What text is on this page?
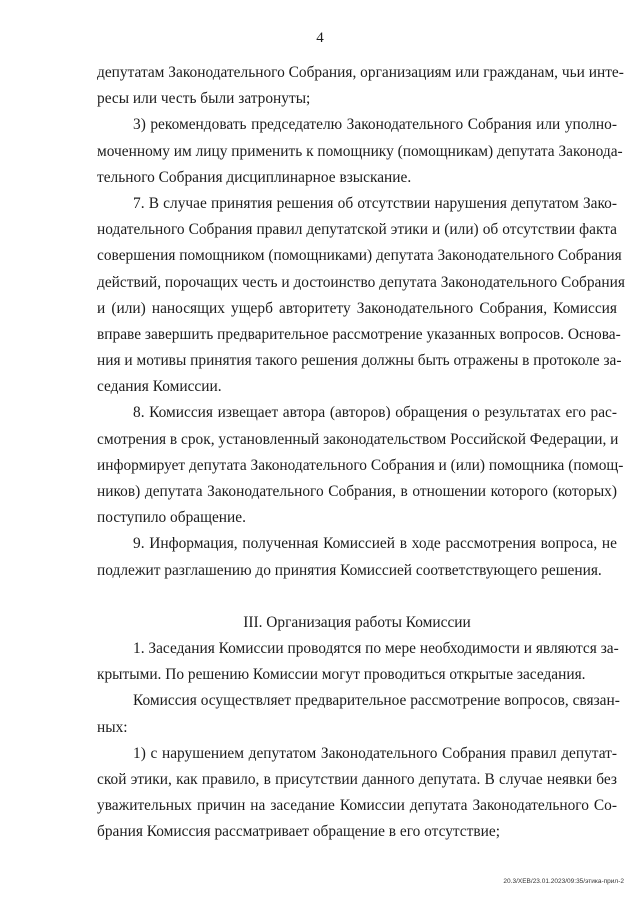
4
депутатам Законодательного Собрания, организациям или гражданам, чьи инте-
ресы или честь были затронуты;
3) рекомендовать председателю Законодательного Собрания или уполно-
моченному им лицу применить к помощнику (помощникам) депутата Законода-
тельного Собрания дисциплинарное взыскание.
7. В случае принятия решения об отсутствии нарушения депутатом Зако-
нодательного Собрания правил депутатской этики и (или) об отсутствии факта
совершения помощником (помощниками) депутата Законодательного Собрания
действий, порочащих честь и достоинство депутата Законодательного Собрания
и (или) наносящих ущерб авторитету Законодательного Собрания, Комиссия
вправе завершить предварительное рассмотрение указанных вопросов. Основа-
ния и мотивы принятия такого решения должны быть отражены в протоколе за-
седания Комиссии.
8. Комиссия извещает автора (авторов) обращения о результатах его рас-
смотрения в срок, установленный законодательством Российской Федерации, и
информирует депутата Законодательного Собрания и (или) помощника (помощ-
ников) депутата Законодательного Собрания, в отношении которого (которых)
поступило обращение.
9. Информация, полученная Комиссией в ходе рассмотрения вопроса, не
подлежит разглашению до принятия Комиссией соответствующего решения.
III. Организация работы Комиссии
1. Заседания Комиссии проводятся по мере необходимости и являются за-
крытыми. По решению Комиссии могут проводиться открытые заседания.
Комиссия осуществляет предварительное рассмотрение вопросов, связан-
ных:
1) с нарушением депутатом Законодательного Собрания правил депутат-
ской этики, как правило, в присутствии данного депутата. В случае неявки без
уважительных причин на заседание Комиссии депутата Законодательного Со-
брания Комиссия рассматривает обращение в его отсутствие;
20.3/ХЕВ/23.01.2023/09:35/этика-прил-2
